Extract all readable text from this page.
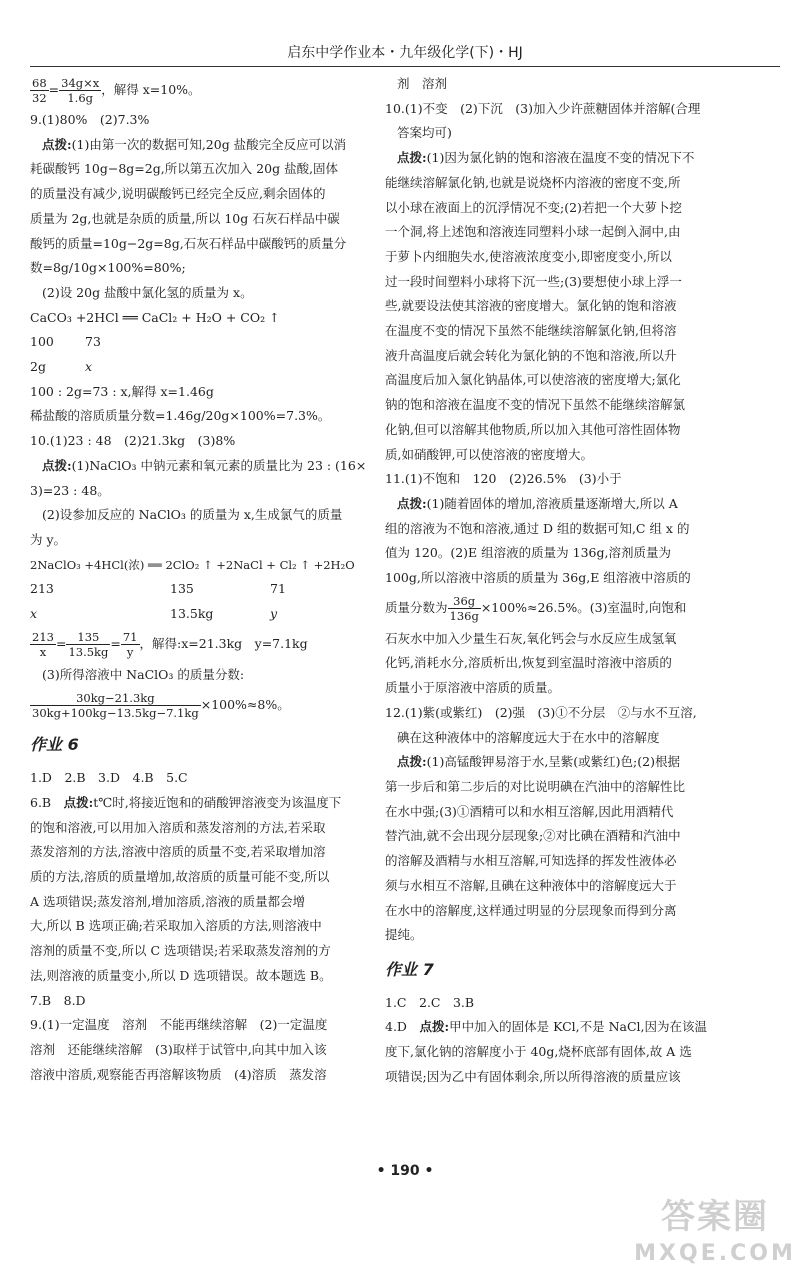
启东中学作业本・九年级化学(下)・HJ
$\frac{68}{32} = \frac{34g\times x}{1.6g}$ ，解得 x=10%。

9.(1)80%　(2)7.3%

点拨:(1)由第一次的数据可知,20g 盐酸完全反应可以消

耗碳酸钙 10g−8g=2g,所以第五次加入 20g 盐酸,固体

的质量没有减少,说明碳酸钙已经完全反应,剩余固体的

质量为 2g,也就是杂质的质量,所以 10g 石灰石样品中碳

酸钙的质量=10g−2g=8g,石灰石样品中碳酸钙的质量分

数=8g/10g×100%=80%;

(2)设 20g 盐酸中氯化氢的质量为 x。

CaCO₃ +2HCl ══ CaCl₂ + H₂O + CO₂ ↑

100	73
2g	x

100 : 2g=73 : x,解得 x=1.46g

稀盐酸的溶质质量分数=1.46g/20g×100%=7.3%。

10.(1)23 : 48　(2)21.3kg　(3)8%

点拨:(1)NaClO₃ 中钠元素和氧元素的质量比为 23 : (16×

3)=23 : 48。

(2)设参加反应的 NaClO₃ 的质量为 x,生成氯气的质量

为 y。

2NaClO₃ +4HCl(浓) ══ 2ClO₂ ↑ +2NaCl + Cl₂ ↑ +2H₂O

213	135	71
x	13.5kg	y
$\frac{213}{x} = \frac{135}{13.5kg} = \frac{71}{y}$ ，解得:x=21.3kg　y=7.1kg

(3)所得溶液中 NaClO₃ 的质量分数:

$\frac{30kg-21.3kg}{30kg+100kg-13.5kg-7.1kg} \times 100\%\approx 8\%$。
作业 6

1.D　2.B　3.D　4.B　5.C

6.B　 点拨:t℃时,将接近饱和的硝酸钾溶液变为该温度下

的饱和溶液,可以用加入溶质和蒸发溶剂的方法,若采取

蒸发溶剂的方法,溶液中溶质的质量不变,若采取增加溶

质的方法,溶质的质量增加,故溶质的质量可能不变,所以

A 选项错误;蒸发溶剂,增加溶质,溶液的质量都会增

大,所以 B 选项正确;若采取加入溶质的方法,则溶液中

溶剂的质量不变,所以 C 选项错误;若采取蒸发溶剂的方

法,则溶液的质量变小,所以 D 选项错误。故本题选 B。

7.B　8.D

9.(1)一定温度　溶剂　不能再继续溶解　(2)一定温度

溶剂　还能继续溶解　(3)取样于试管中,向其中加入该

溶液中溶质,观察能否再溶解该物质　(4)溶质　蒸发溶

剂　溶剂

10.(1)不变　(2)下沉　(3)加入少许蔗糖固体并溶解(合理

答案均可)

点拨:(1)因为氯化钠的饱和溶液在温度不变的情况下不

能继续溶解氯化钠,也就是说烧杯内溶液的密度不变,所

以小球在液面上的沉浮情况不变;(2)若把一个大萝卜挖

一个洞,将上述饱和溶液连同塑料小球一起倒入洞中,由

于萝卜内细胞失水,使溶液浓度变小,即密度变小,所以

过一段时间塑料小球将下沉一些;(3)要想使小球上浮一

些,就要设法使其溶液的密度增大。氯化钠的饱和溶液

在温度不变的情况下虽然不能继续溶解氯化钠,但将溶

液升高温度后就会转化为氯化钠的不饱和溶液,所以升

高温度后加入氯化钠晶体,可以使溶液的密度增大;氯化

钠的饱和溶液在温度不变的情况下虽然不能继续溶解氯

化钠,但可以溶解其他物质,所以加入其他可溶性固体物

质,如硝酸钾,可以使溶液的密度增大。

11.(1)不饱和　120　(2)26.5%　(3)小于

点拨:(1)随着固体的增加,溶液质量逐渐增大,所以 A

组的溶液为不饱和溶液,通过 D 组的数据可知,C 组 x 的

值为 120。(2)E 组溶液的质量为 136g,溶剂质量为

100g,所以溶液中溶质的质量为 36g,E 组溶液中溶质的

质量分数为 $\frac{36g}{136g} \times 100\%\approx 26.5\%$。(3)室温时,向饱和

石灰水中加入少量生石灰,氧化钙会与水反应生成氢氧

化钙,消耗水分,溶质析出,恢复到室温时溶液中溶质的

质量小于原溶液中溶质的质量。

12.(1)紫(或紫红)　(2)强　(3)①不分层　②与水不互溶,

碘在这种液体中的溶解度远大于在水中的溶解度

点拨:(1)高锰酸钾易溶于水,呈紫(或紫红)色;(2)根据

第一步后和第二步后的对比说明碘在汽油中的溶解性比

在水中强;(3)①酒精可以和水相互溶解,因此用酒精代

替汽油,就不会出现分层现象;②对比碘在酒精和汽油中

的溶解及酒精与水相互溶解,可知选择的挥发性液体必

须与水相互不溶解,且碘在这种液体中的溶解度远大于

在水中的溶解度,这样通过明显的分层现象而得到分离

提纯。

作业 7

1.C　2.C　3.B

4.D　 点拨:甲中加入的固体是 KCl,不是 NaCl,因为在该温

度下,氯化钠的溶解度小于 40g,烧杯底部有固体,故 A 选

项错误;因为乙中有固体剩余,所以所得溶液的质量应该

• 190 •
答案圈
MXQE.COM
